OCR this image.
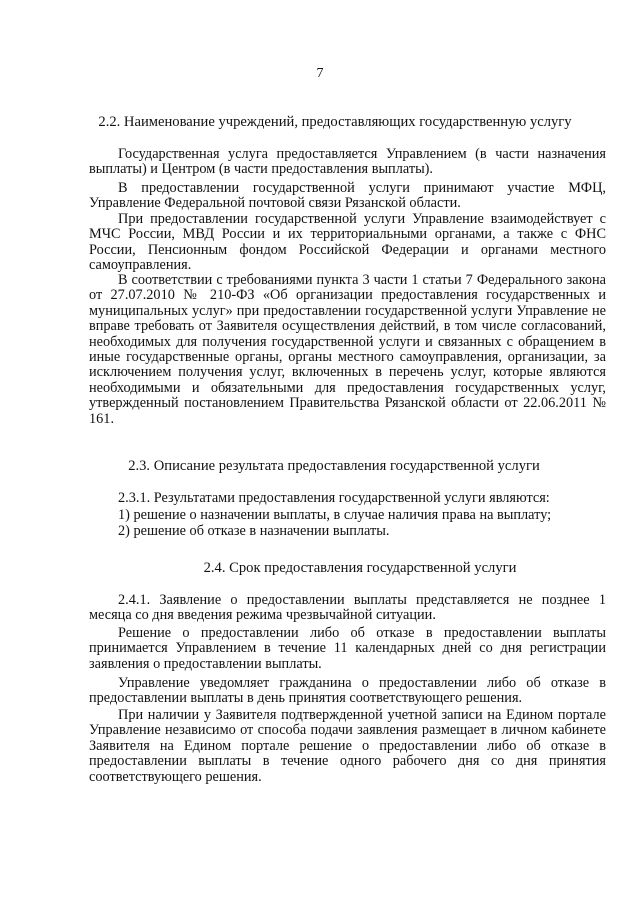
7
2.2. Наименование учреждений, предоставляющих государственную услугу
Государственная услуга предоставляется Управлением (в части назначения выплаты) и Центром (в части предоставления выплаты).
В предоставлении государственной услуги принимают участие МФЦ, Управление Федеральной почтовой связи Рязанской области.
При предоставлении государственной услуги Управление взаимодействует с МЧС России, МВД России и их территориальными органами, а также с ФНС России, Пенсионным фондом Российской Федерации и органами местного самоуправления.
В соответствии с требованиями пункта 3 части 1 статьи 7 Федерального закона от 27.07.2010 № 210-ФЗ «Об организации предоставления государственных и муниципальных услуг» при предоставлении государственной услуги Управление не вправе требовать от Заявителя осуществления действий, в том числе согласований, необходимых для получения государственной услуги и связанных с обращением в иные государственные органы, органы местного самоуправления, организации, за исключением получения услуг, включенных в перечень услуг, которые являются необходимыми и обязательными для предоставления государственных услуг, утвержденный постановлением Правительства Рязанской области от 22.06.2011 № 161.
2.3. Описание результата предоставления государственной услуги
2.3.1. Результатами предоставления государственной услуги являются:
1) решение о назначении выплаты, в случае наличия права на выплату;
2) решение об отказе в назначении выплаты.
2.4. Срок предоставления государственной услуги
2.4.1. Заявление о предоставлении выплаты представляется не позднее 1 месяца со дня введения режима чрезвычайной ситуации.
Решение о предоставлении либо об отказе в предоставлении выплаты принимается Управлением в течение 11 календарных дней со дня регистрации заявления о предоставлении выплаты.
Управление уведомляет гражданина о предоставлении либо об отказе в предоставлении выплаты в день принятия соответствующего решения.
При наличии у Заявителя подтвержденной учетной записи на Едином портале Управление независимо от способа подачи заявления размещает в личном кабинете Заявителя на Едином портале решение о предоставлении либо об отказе в предоставлении выплаты в течение одного рабочего дня со дня принятия соответствующего решения.
